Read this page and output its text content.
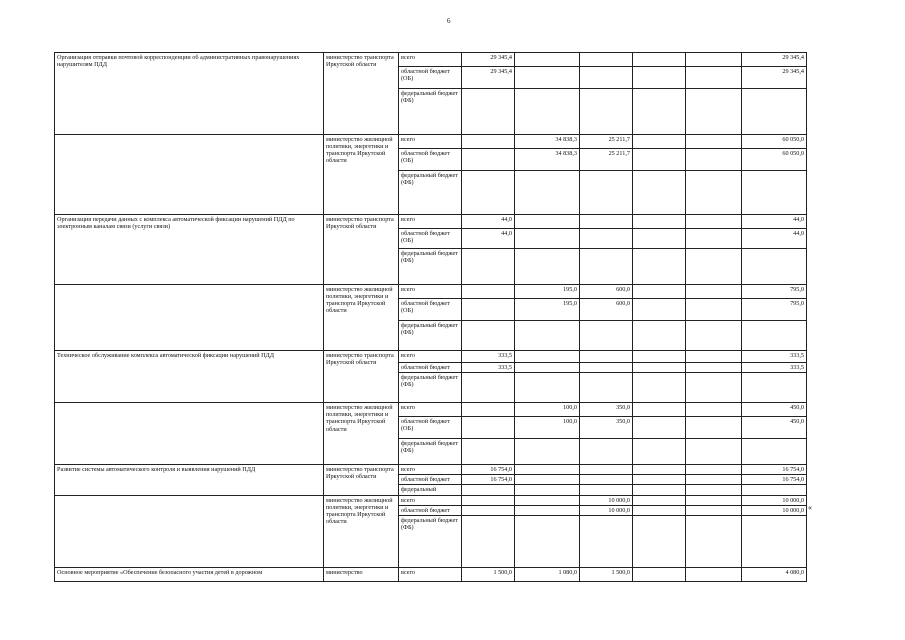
6
Организация отправки почтовой корреспонденции об административных правонарушениях нарушителям ПДД	министерство транспорта Иркутской области	всего	29 345,4					29 345,4
		областной бюджет (ОБ)	29 345,4					29 345,4
		федеральный бюджет (ФБ)						
	министерство жилищной политики, энергетики и транспорта Иркутской области	всего		34 838,3	25 211,7			60 050,0
		областной бюджет (ОБ)		34 838,3	25 211,7			60 050,0
		федеральный бюджет (ФБ)						
Организация передачи данных с комплекса автоматической фиксации нарушений ПДД по электронным каналам связи (услуги связи)	министерство транспорта Иркутской области	всего	44,0					44,0
		областной бюджет (ОБ)	44,0					44,0
		федеральный бюджет (ФБ)						
	министерство жилищной политики, энергетики и транспорта Иркутской области	всего		195,0	600,0			795,0
		областной бюджет (ОБ)		195,0	600,0			795,0
		федеральный бюджет (ФБ)						
Техническое обслуживание комплекса автоматической фиксации нарушений ПДД	министерство транспорта Иркутской области	всего	333,5					333,5
		областной бюджет	333,5					333,5
		федеральный бюджет (ФБ)						
	министерство жилищной политики, энергетики и транспорта Иркутской области	всего		100,0	350,0			450,0
		областной бюджет (ОБ)		100,0	350,0			450,0
		федеральный бюджет (ФБ)						
Развитие системы автоматического контроля и выявления нарушений ПДД	министерство транспорта Иркутской области	всего	16 754,0					16 754,0
		областной бюджет	16 754,0					16 754,0
		федеральный						
	министерство жилищной политики, энергетики и транспорта Иркутской области	всего			10 000,0			10 000,0
		областной бюджет			10 000,0			10 000,0
		федеральный бюджет (ФБ)						
Основное мероприятие «Обеспечение безопасного участия детей в дорожном	министерство	всего	1 500,0	1 080,0	1 500,0			4 080,0
«
